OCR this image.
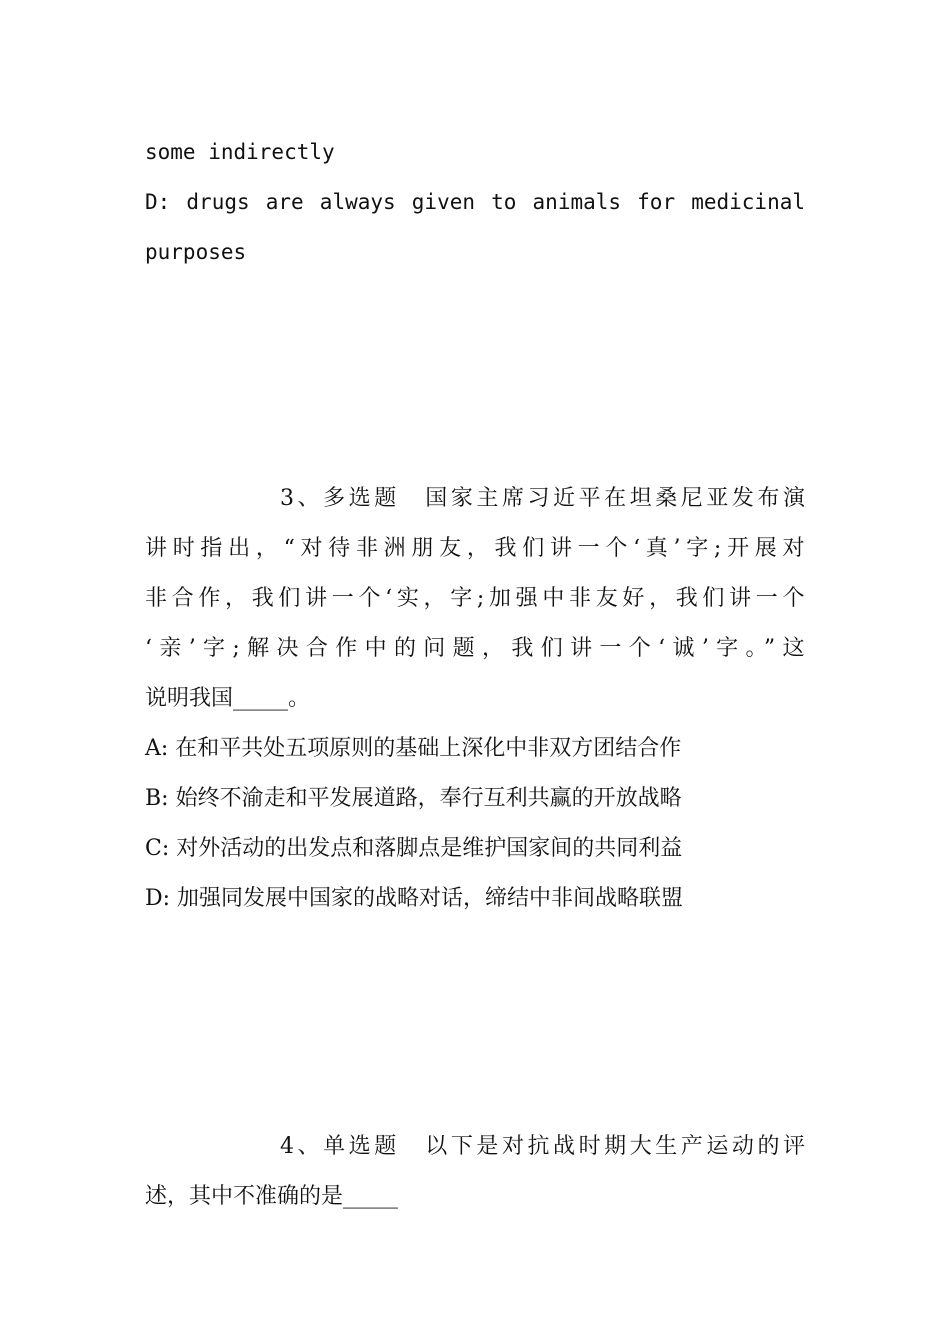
some indirectly
D: drugs are always given to animals for medicinal
purposes
3、多选题　国家主席习近平在坦桑尼亚发布演
讲时指出，“对待非洲朋友，我们讲一个‘真’字;开展对
非合作，我们讲一个‘实，字;加强中非友好，我们讲一个
‘亲’字;解决合作中的问题，我们讲一个‘诚’字。”这
说明我国_____。
A: 在和平共处五项原则的基础上深化中非双方团结合作
B: 始终不渝走和平发展道路，奉行互利共赢的开放战略
C: 对外活动的出发点和落脚点是维护国家间的共同利益
D: 加强同发展中国家的战略对话，缔结中非间战略联盟
4、单选题　以下是对抗战时期大生产运动的评
述，其中不准确的是_____
